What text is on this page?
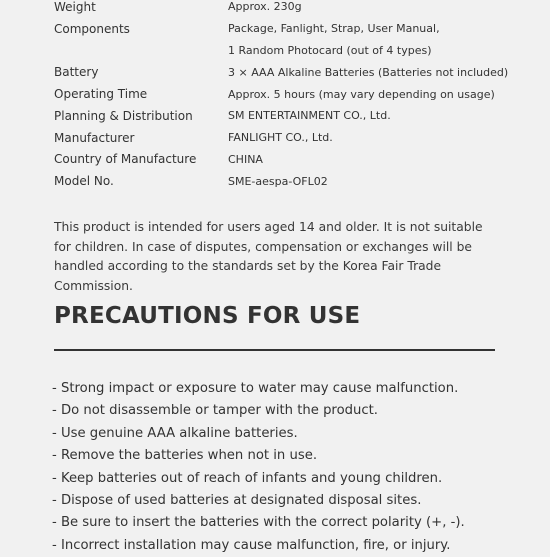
Weight	Approx. 230g
Components	Package, Fanlight, Strap, User Manual,
1 Random Photocard (out of 4 types)
Battery	3 × AAA Alkaline Batteries (Batteries not included)
Operating Time	Approx. 5 hours (may vary depending on usage)
Planning & Distribution	SM ENTERTAINMENT CO., Ltd.
Manufacturer	FANLIGHT CO., Ltd.
Country of Manufacture	CHINA
Model No.	SME-aespa-OFL02

This product is intended for users aged 14 and older. It is not suitable for children. In case of disputes, compensation or exchanges will be handled according to the standards set by the Korea Fair Trade Commission.

PRECAUTIONS FOR USE
- Strong impact or exposure to water may cause malfunction.
- Do not disassemble or tamper with the product.
- Use genuine AAA alkaline batteries.
- Remove the batteries when not in use.
- Keep batteries out of reach of infants and young children.
- Dispose of used batteries at designated disposal sites.
- Be sure to insert the batteries with the correct polarity (+, -).
- Incorrect installation may cause malfunction, fire, or injury.
